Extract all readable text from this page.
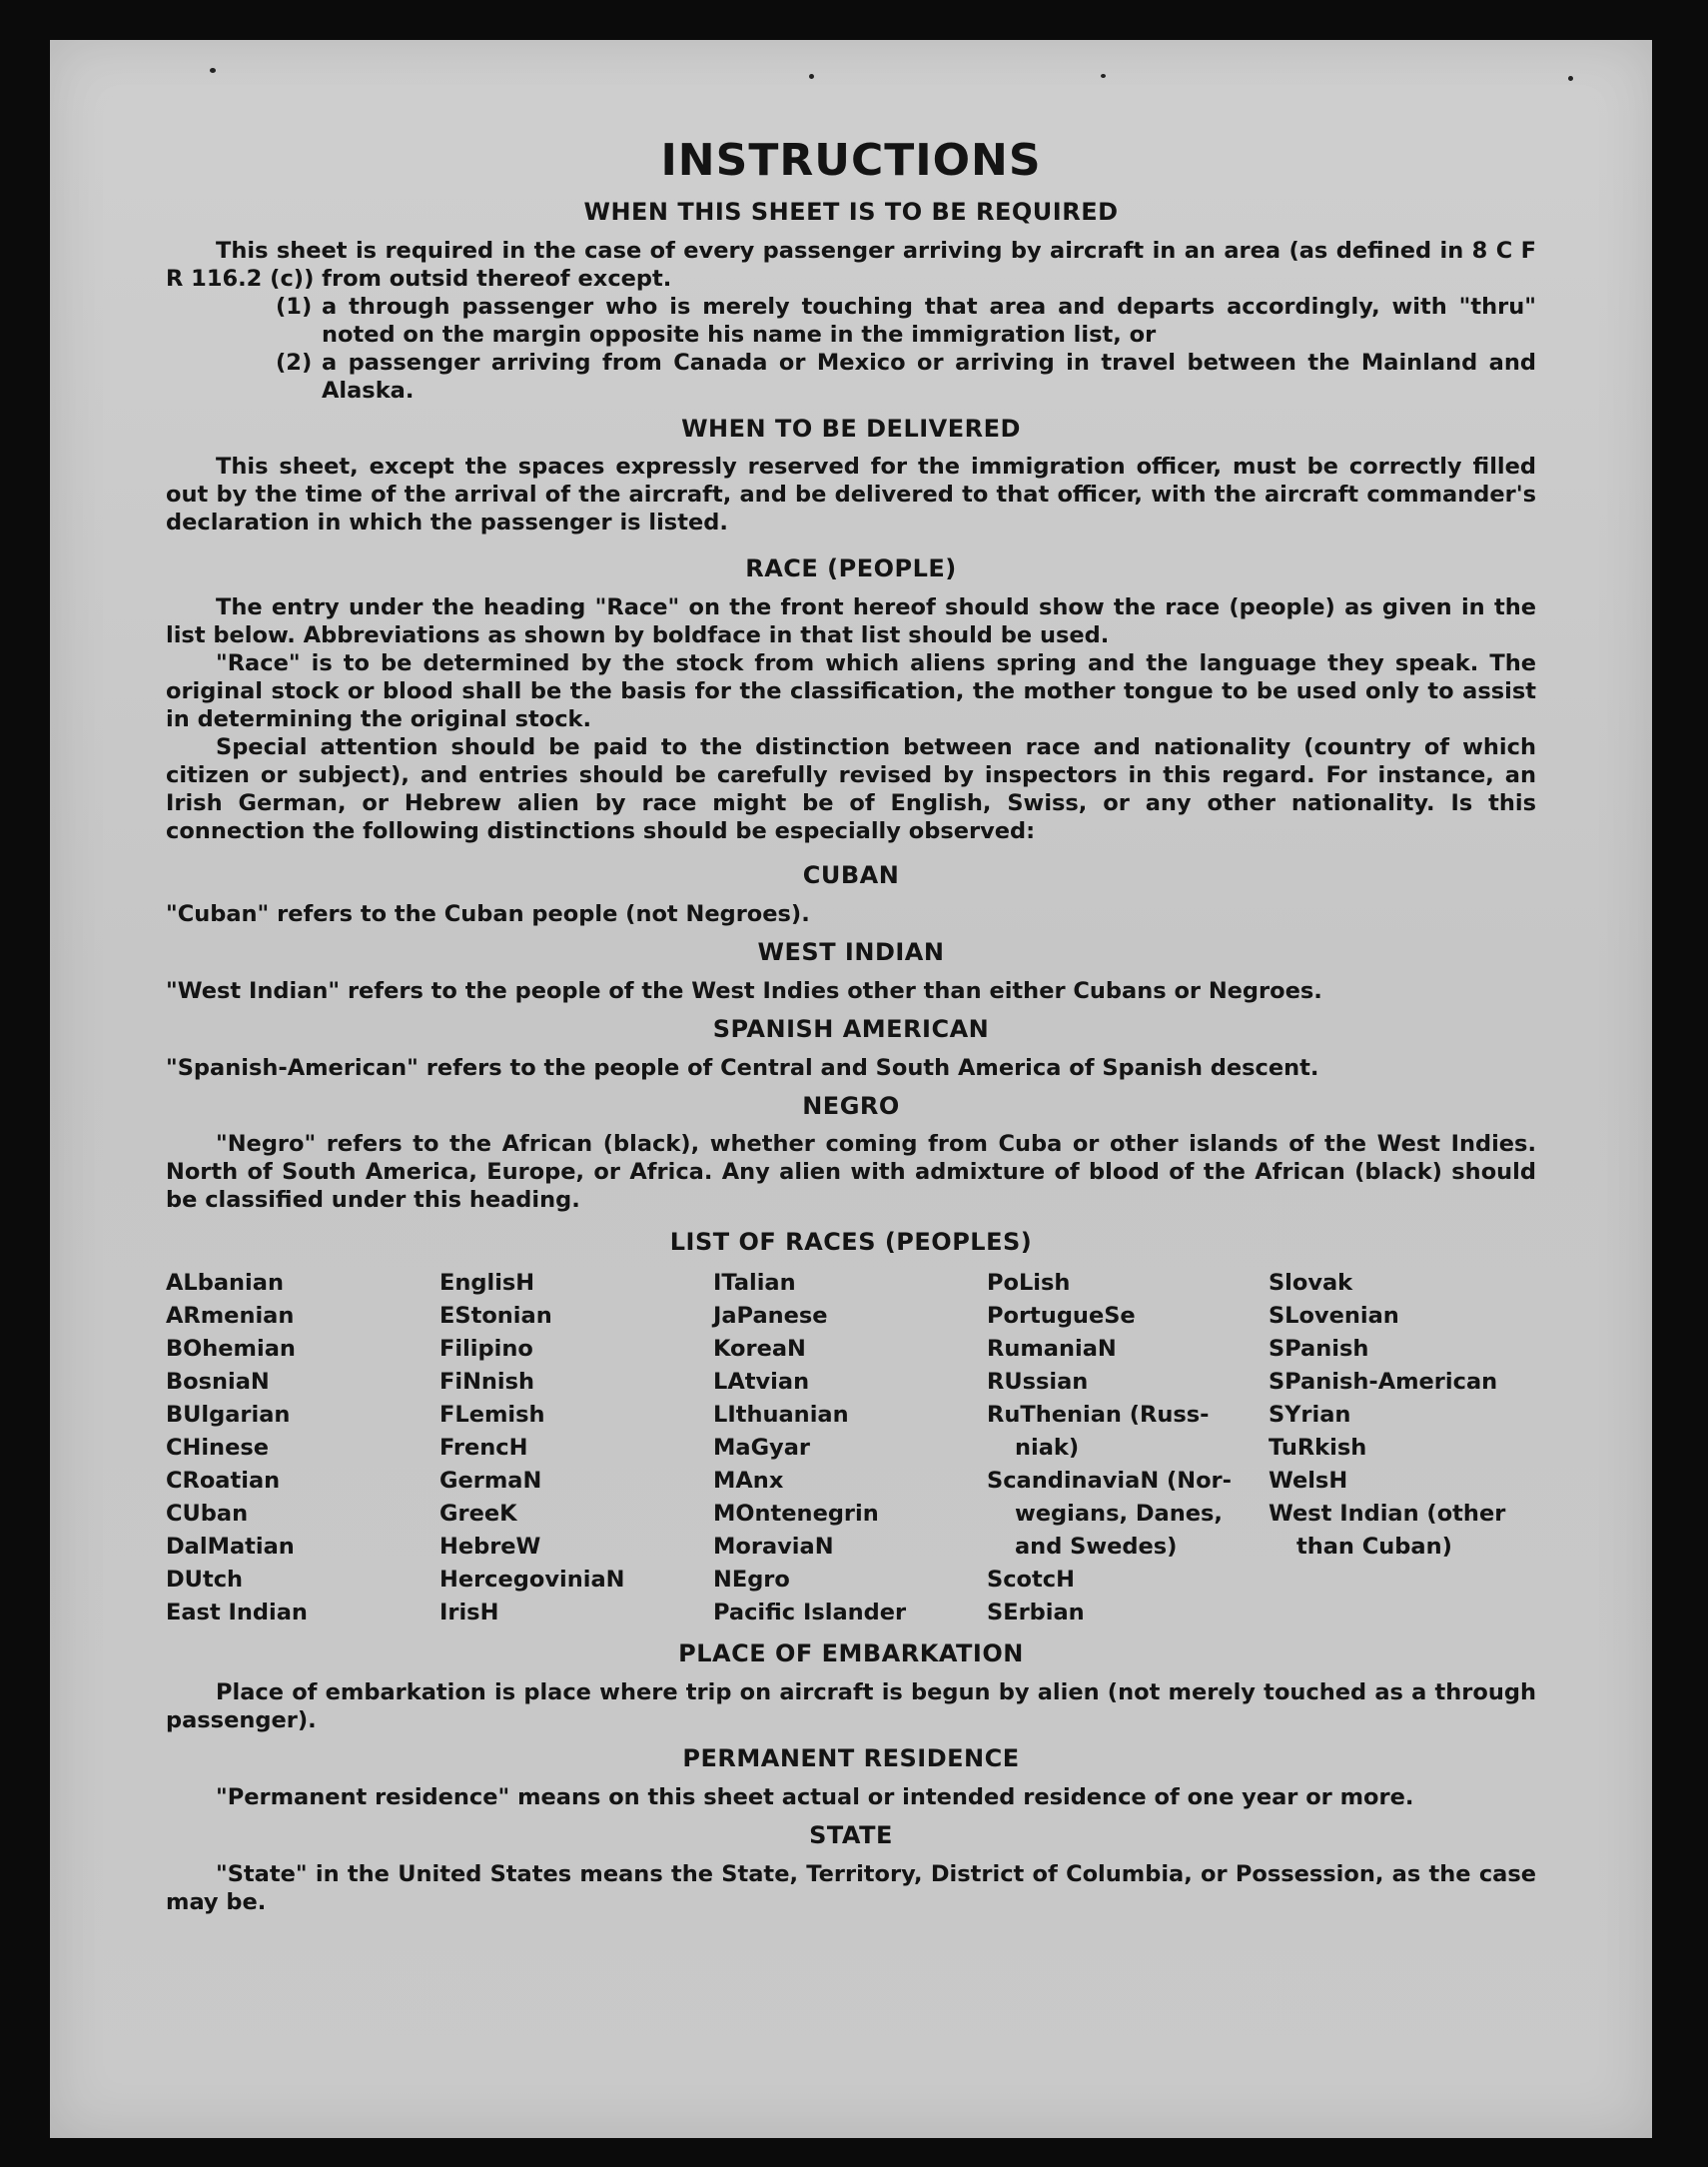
INSTRUCTIONS
WHEN THIS SHEET IS TO BE REQUIRED

This sheet is required in the case of every passenger arriving by aircraft in an area (as defined in 8 C F R 116.2 (c)) from outsid thereof except.

(1) a through passenger who is merely touching that area and departs accordingly, with "thru" noted on the margin opposite his name in the immigration list, or
(2) a passenger arriving from Canada or Mexico or arriving in travel between the Mainland and Alaska.
WHEN TO BE DELIVERED

This sheet, except the spaces expressly reserved for the immigration officer, must be correctly filled out by the time of the arrival of the aircraft, and be delivered to that officer, with the aircraft commander's declaration in which the passenger is listed.

RACE (PEOPLE)

The entry under the heading "Race" on the front hereof should show the race (people) as given in the list below. Abbreviations as shown by boldface in that list should be used.

"Race" is to be determined by the stock from which aliens spring and the language they speak. The original stock or blood shall be the basis for the classification, the mother tongue to be used only to assist in determining the original stock.

Special attention should be paid to the distinction between race and nationality (country of which citizen or subject), and entries should be carefully revised by inspectors in this regard. For instance, an Irish German, or Hebrew alien by race might be of English, Swiss, or any other nationality. Is this connection the following distinctions should be especially observed:

CUBAN

"Cuban" refers to the Cuban people (not Negroes).

WEST INDIAN

"West Indian" refers to the people of the West Indies other than either Cubans or Negroes.

SPANISH AMERICAN

"Spanish-American" refers to the people of Central and South America of Spanish descent.

NEGRO

"Negro" refers to the African (black), whether coming from Cuba or other islands of the West Indies. North of South America, Europe, or Africa. Any alien with admixture of blood of the African (black) should be classified under this heading.

LIST OF RACES (PEOPLES)
ALbanian
ARmenian
BOhemian
BosniaN
BUlgarian
CHinese
CRoatian
CUban
DalMatian
DUtch
East Indian
EnglisH
EStonian
Filipino
FiNnish
FLemish
FrencH
GermaN
GreeK
HebreW
HercegoviniaN
IrisH
ITalian
JaPanese
KoreaN
LAtvian
LIthuanian
MaGyar
MAnx
MOntenegrin
MoraviaN
NEgro
Pacific Islander
PoLish
PortugueSe
RumaniaN
RUssian
RuThenian (Russ-
niak)
ScandinaviaN (Nor-
wegians, Danes,
and Swedes)
ScotcH
SErbian
Slovak
SLovenian
SPanish
SPanish-American
SYrian
TuRkish
WelsH
West Indian (other
than Cuban)
PLACE OF EMBARKATION

Place of embarkation is place where trip on aircraft is begun by alien (not merely touched as a through passenger).

PERMANENT RESIDENCE

"Permanent residence" means on this sheet actual or intended residence of one year or more.

STATE

"State" in the United States means the State, Territory, District of Columbia, or Possession, as the case may be.
